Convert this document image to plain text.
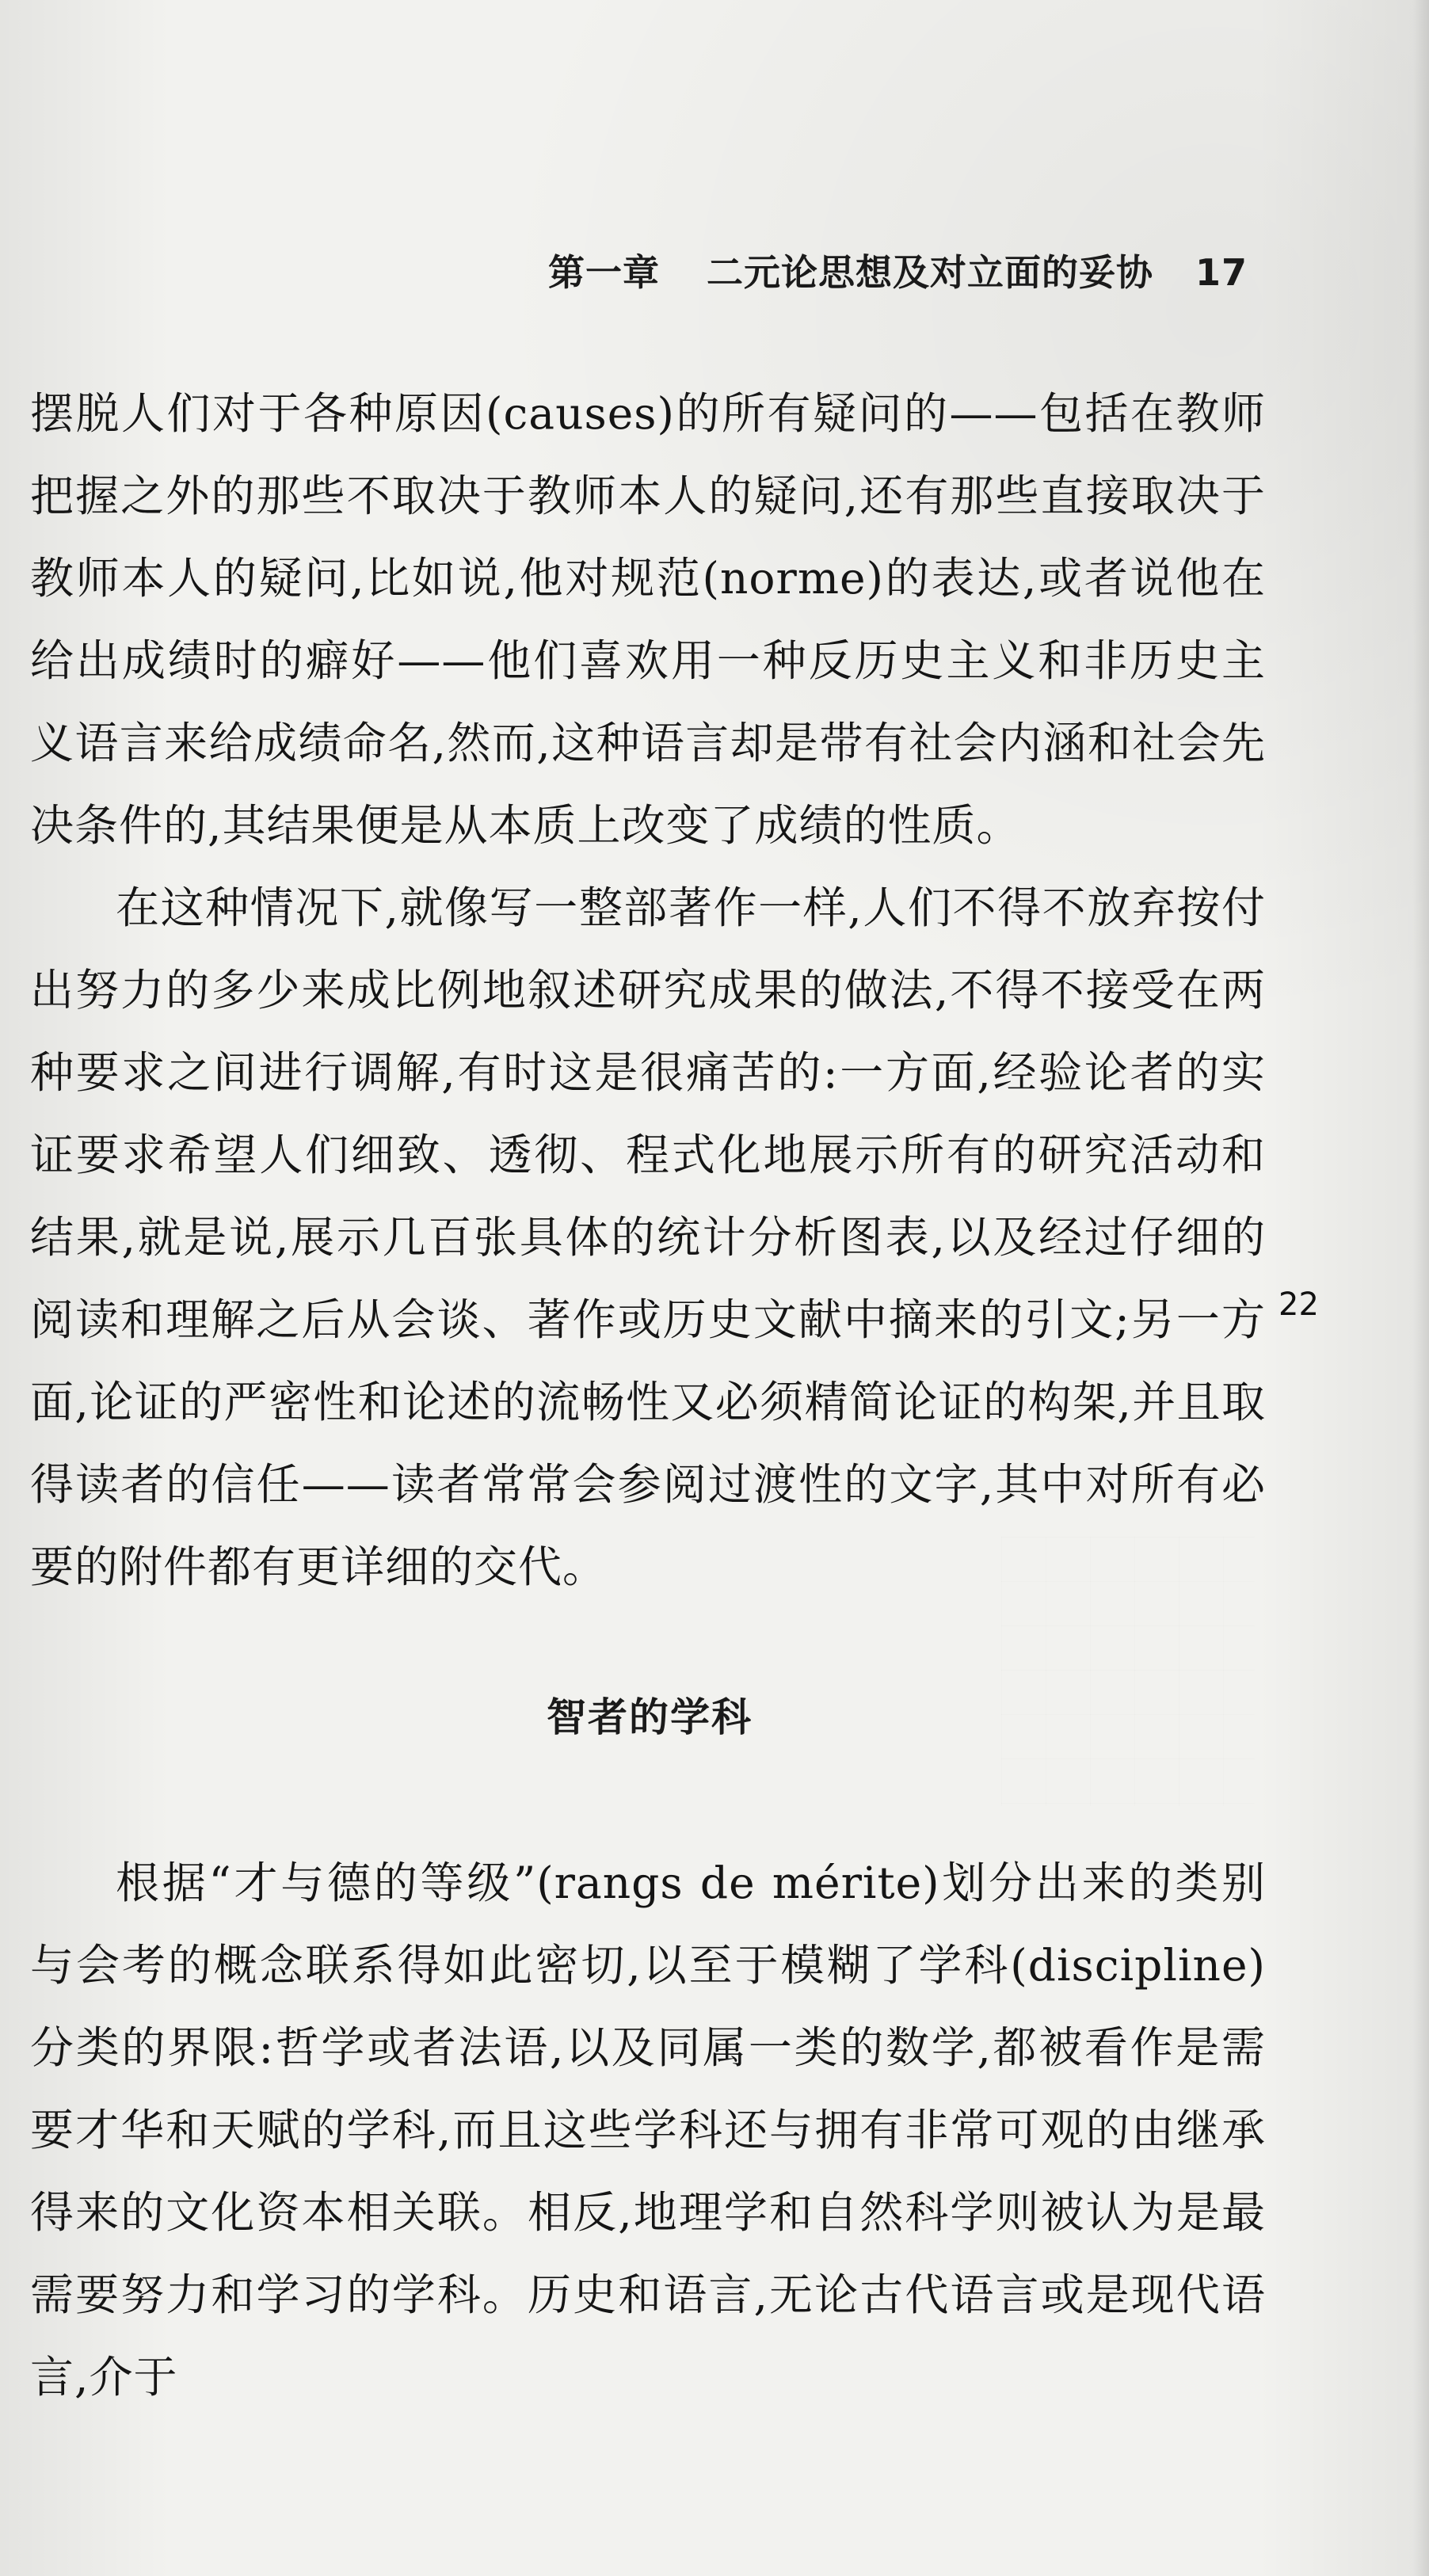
第一章 二元论思想及对立面的妥协 17
22

摆脱人们对于各种原因(causes)的所有疑问的——包括在教师把握之外的那些不取决于教师本人的疑问,还有那些直接取决于教师本人的疑问,比如说,他对规范(norme)的表达,或者说他在给出成绩时的癖好——他们喜欢用一种反历史主义和非历史主义语言来给成绩命名,然而,这种语言却是带有社会内涵和社会先决条件的,其结果便是从本质上改变了成绩的性质。

在这种情况下,就像写一整部著作一样,人们不得不放弃按付出努力的多少来成比例地叙述研究成果的做法,不得不接受在两种要求之间进行调解,有时这是很痛苦的:一方面,经验论者的实证要求希望人们细致、透彻、程式化地展示所有的研究活动和结果,就是说,展示几百张具体的统计分析图表,以及经过仔细的阅读和理解之后从会谈、著作或历史文献中摘来的引文;另一方面,论证的严密性和论述的流畅性又必须精简论证的构架,并且取得读者的信任——读者常常会参阅过渡性的文字,其中对所有必要的附件都有更详细的交代。

智者的学科

根据“才与德的等级”(rangs de mérite)划分出来的类别与会考的概念联系得如此密切,以至于模糊了学科(discipline)分类的界限:哲学或者法语,以及同属一类的数学,都被看作是需要才华和天赋的学科,而且这些学科还与拥有非常可观的由继承得来的文化资本相关联。相反,地理学和自然科学则被认为是最需要努力和学习的学科。历史和语言,无论古代语言或是现代语言,介于
